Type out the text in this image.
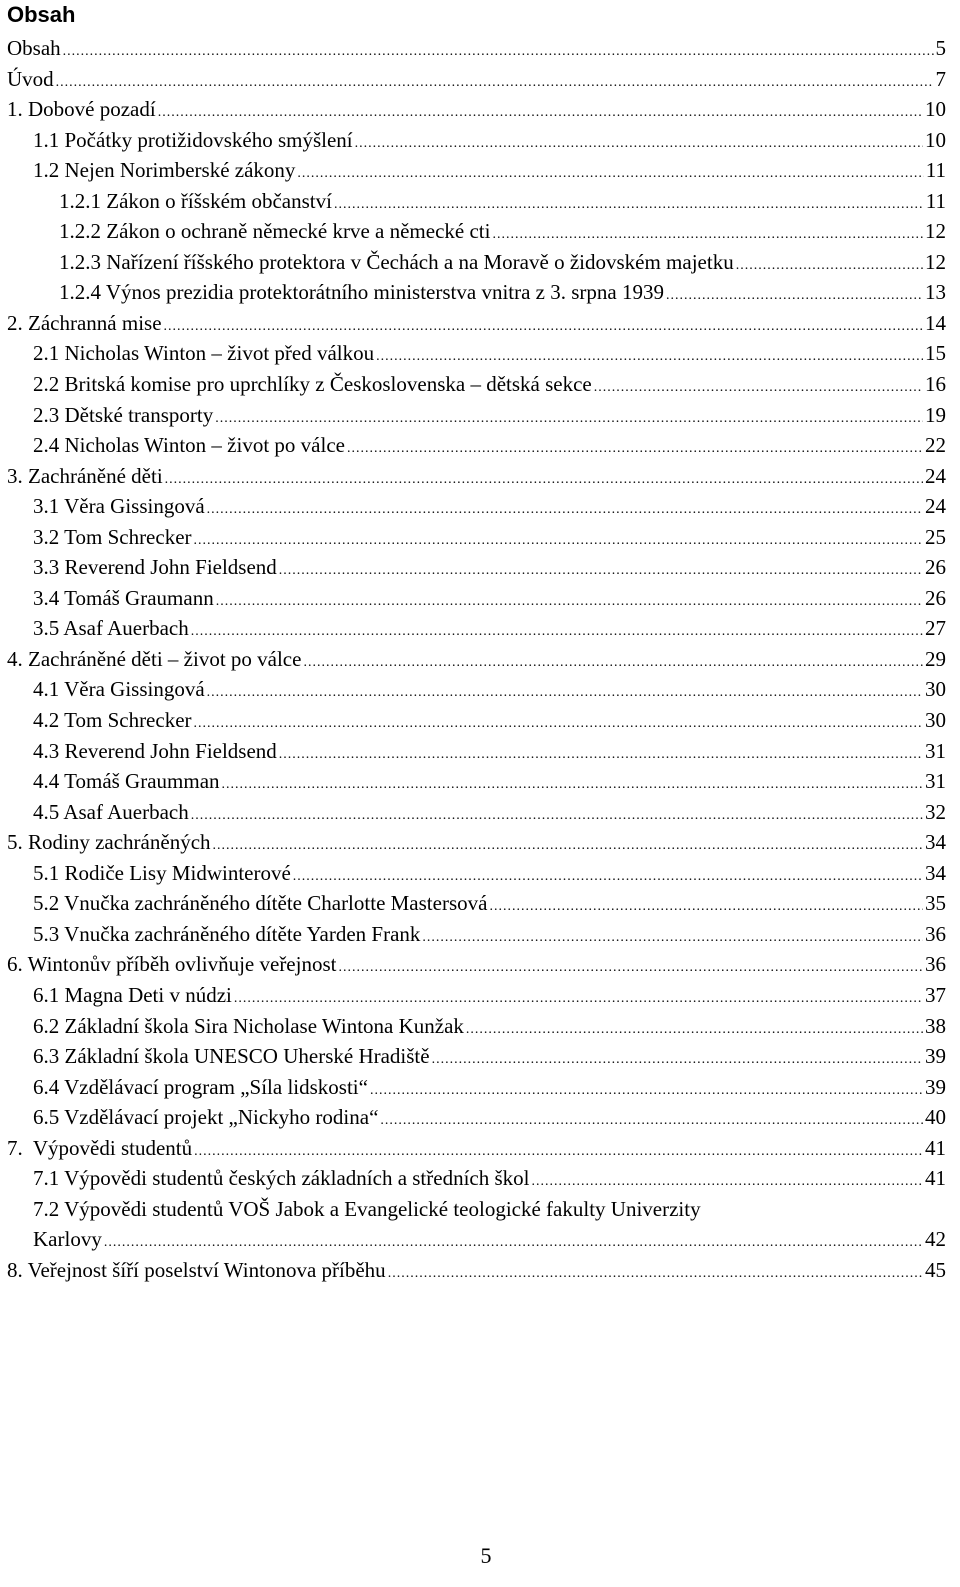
Obsah
Obsah .....	5
Úvod .....	7
1. Dobové pozadí .....	10
1.1 Počátky protižidovského smýšlení .....	10
1.2 Nejen Norimberské zákony .....	11
1.2.1 Zákon o říšském občanství .....	11
1.2.2 Zákon o ochraně německé krve a německé cti .....	12
1.2.3 Nařízení říšského protektora v Čechách a na Moravě o židovském majetku .....	12
1.2.4 Výnos prezidia protektorátního ministerstva vnitra z 3. srpna 1939 .....	13
2. Záchranná mise .....	14
2.1 Nicholas Winton – život před válkou .....	15
2.2 Britská komise pro uprchlíky z Československa – dětská sekce .....	16
2.3 Dětské transporty .....	19
2.4 Nicholas Winton – život po válce .....	22
3. Zachráněné děti .....	24
3.1 Věra Gissingová .....	24
3.2 Tom Schrecker .....	25
3.3 Reverend John Fieldsend .....	26
3.4 Tomáš Graumann .....	26
3.5 Asaf Auerbach .....	27
4. Zachráněné děti – život po válce .....	29
4.1 Věra Gissingová .....	30
4.2 Tom Schrecker .....	30
4.3 Reverend John Fieldsend .....	31
4.4 Tomáš Graumman .....	31
4.5 Asaf Auerbach .....	32
5. Rodiny zachráněných .....	34
5.1 Rodiče Lisy Midwinterové .....	34
5.2 Vnučka zachráněného dítěte Charlotte Mastersová .....	35
5.3 Vnučka zachráněného dítěte Yarden Frank .....	36
6. Wintonův příběh ovlivňuje veřejnost .....	36
6.1 Magna Deti v núdzi .....	37
6.2 Základní škola Sira Nicholase Wintona Kunžak .....	38
6.3 Základní škola UNESCO Uherské Hradiště .....	39
6.4 Vzdělávací program „Síla lidskosti“ .....	39
6.5 Vzdělávací projekt „Nickyho rodina“ .....	40
7.  Výpovědi studentů .....	41
7.1 Výpovědi studentů českých základních a středních škol .....	41
7.2 Výpovědi studentů VOŠ Jabok a Evangelické teologické fakulty Univerzity
Karlovy .....	42
8. Veřejnost šíří poselství Wintonova příběhu .....	45
5
